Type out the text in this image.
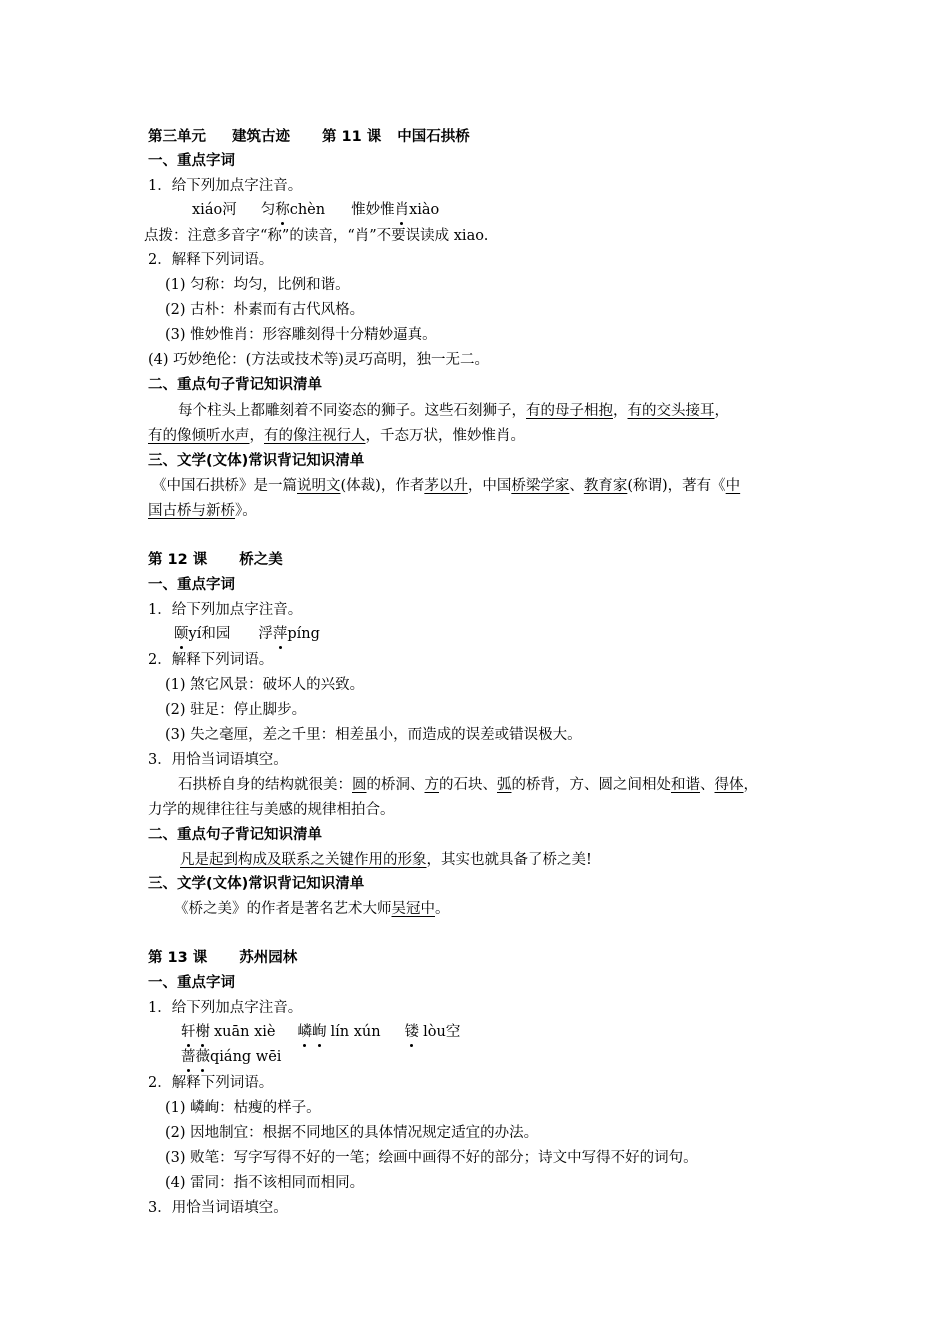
第三单元 建筑古迹 第 11 课 中国石拱桥
一、重点字词
1．给下列加点字注音。
xiáo河 匀称chèn 惟妙惟肖xiào
点拨：注意多音字“称”的读音，“肖”不要误读成 xiao.
2．解释下列词语。
(1) 匀称：均匀，比例和谐。
(2) 古朴：朴素而有古代风格。
(3) 惟妙惟肖：形容雕刻得十分精妙逼真。
(4) 巧妙绝伦：(方法或技术等)灵巧高明，独一无二。
二、重点句子背记知识清单
每个柱头上都雕刻着不同姿态的狮子。这些石刻狮子，有的母子相抱，有的交头接耳，
有的像倾听水声，有的像注视行人，千态万状，惟妙惟肖。
三、文学(文体)常识背记知识清单
《中国石拱桥》是一篇说明文(体裁)，作者茅以升，中国桥梁学家、教育家(称谓)，著有《中
国古桥与新桥》。
第 12 课 桥之美
一、重点字词
1．给下列加点字注音。
颐yí和园 浮萍píng
2．解释下列词语。
(1) 煞它风景：破坏人的兴致。
(2) 驻足：停止脚步。
(3) 失之毫厘，差之千里：相差虽小，而造成的误差或错误极大。
3．用恰当词语填空。
石拱桥自身的结构就很美：圆的桥洞、方的石块、弧的桥背，方、圆之间相处和谐、得体，
力学的规律往往与美感的规律相拍合。
二、重点句子背记知识清单
凡是起到构成及联系之关键作用的形象，其实也就具备了桥之美!
三、文学(文体)常识背记知识清单
《桥之美》的作者是著名艺术大师吴冠中。
第 13 课 苏州园林
一、重点字词
1．给下列加点字注音。
轩榭 xuān xiè 嶙峋 lín xún 镂 lòu空
蔷薇qiáng wēi
2．解释下列词语。
(1) 嶙峋：枯瘦的样子。
(2) 因地制宜：根据不同地区的具体情况规定适宜的办法。
(3) 败笔：写字写得不好的一笔；绘画中画得不好的部分；诗文中写得不好的词句。
(4) 雷同：指不该相同而相同。
3．用恰当词语填空。
